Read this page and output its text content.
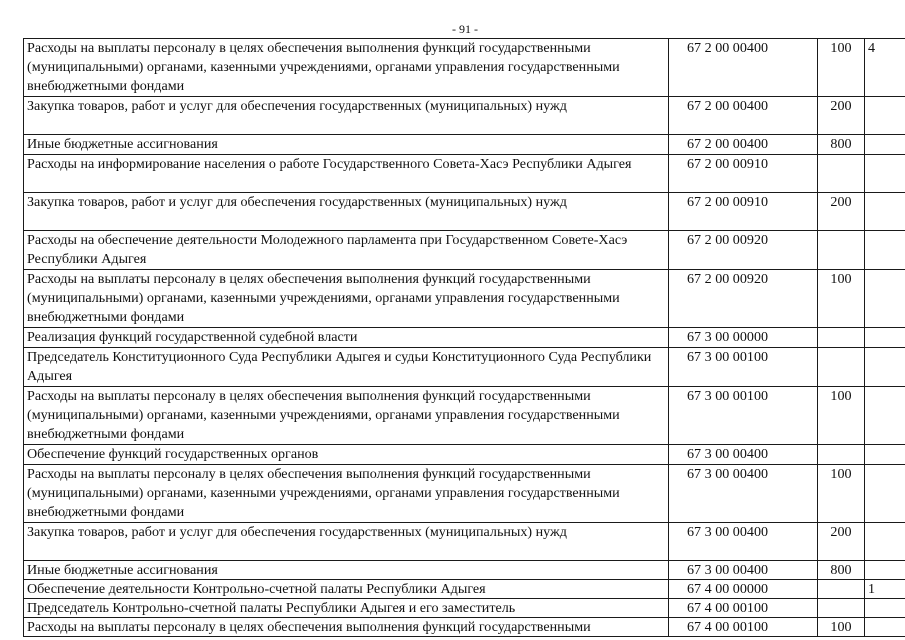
- 91 -
Расходы на выплаты персоналу в целях обеспечения выполнения функций государственными (муниципальными) органами, казенными учреждениями, органами управления государственными внебюджетными фондами	67 2 00 00400	100	4
Закупка товаров, работ и услуг для обеспечения государственных (муниципальных) нужд	67 2 00 00400	200	
Иные бюджетные ассигнования	67 2 00 00400	800	
Расходы на информирование населения о работе Государственного Совета-Хасэ Республики Адыгея	67 2 00 00910		
Закупка товаров, работ и услуг для обеспечения государственных (муниципальных) нужд	67 2 00 00910	200	
Расходы на обеспечение деятельности Молодежного парламента при Государственном Совете-Хасэ Республики Адыгея	67 2 00 00920		
Расходы на выплаты персоналу в целях обеспечения выполнения функций государственными (муниципальными) органами, казенными учреждениями, органами управления государственными внебюджетными фондами	67 2 00 00920	100	
Реализация функций государственной судебной власти	67 3 00 00000		
Председатель Конституционного Суда Республики Адыгея и судьи Конституционного Суда Республики Адыгея	67 3 00 00100		
Расходы на выплаты персоналу в целях обеспечения выполнения функций государственными (муниципальными) органами, казенными учреждениями, органами управления государственными внебюджетными фондами	67 3 00 00100	100	
Обеспечение функций государственных органов	67 3 00 00400		
Расходы на выплаты персоналу в целях обеспечения выполнения функций государственными (муниципальными) органами, казенными учреждениями, органами управления государственными внебюджетными фондами	67 3 00 00400	100	
Закупка товаров, работ и услуг для обеспечения государственных (муниципальных) нужд	67 3 00 00400	200	
Иные бюджетные ассигнования	67 3 00 00400	800	
Обеспечение деятельности Контрольно-счетной палаты Республики Адыгея	67 4 00 00000		1
Председатель Контрольно-счетной палаты Республики Адыгея и его заместитель	67 4 00 00100		
Расходы на выплаты персоналу в целях обеспечения выполнения функций государственными	67 4 00 00100	100	
